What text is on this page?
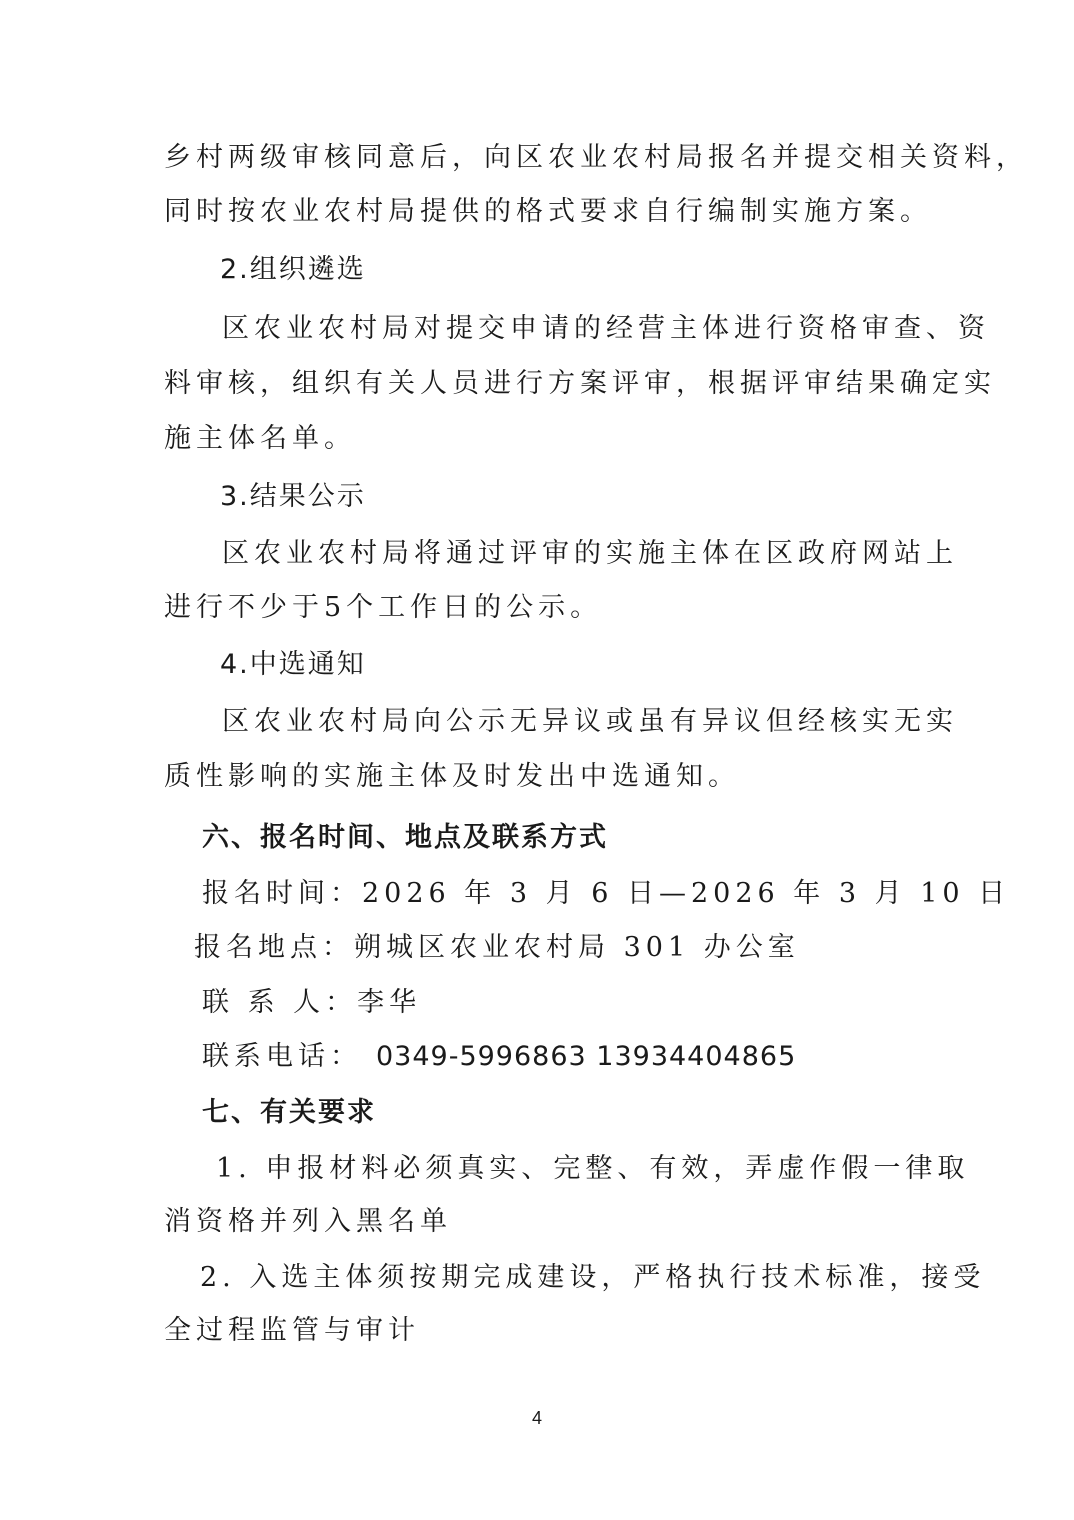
乡村两级审核同意后，向区农业农村局报名并提交相关资料，
同时按农业农村局提供的格式要求自行编制实施方案。
2.组织遴选
区农业农村局对提交申请的经营主体进行资格审查、资
料审核，组织有关人员进行方案评审，根据评审结果确定实
施主体名单。
3.结果公示
区农业农村局将通过评审的实施主体在区政府网站上
进行不少于5个工作日的公示。
4.中选通知
区农业农村局向公示无异议或虽有异议但经核实无实
质性影响的实施主体及时发出中选通知。
六、报名时间、地点及联系方式
报名时间：2026 年 3 月 6 日—2026 年 3 月 10 日
报名地点：朔城区农业农村局 301 办公室
联 系 人：李华
联系电话： 0349-5996863 13934404865
七、有关要求
1. 申报材料必须真实、完整、有效，弄虚作假一律取
消资格并列入黑名单
2. 入选主体须按期完成建设，严格执行技术标准，接受
全过程监管与审计
4
